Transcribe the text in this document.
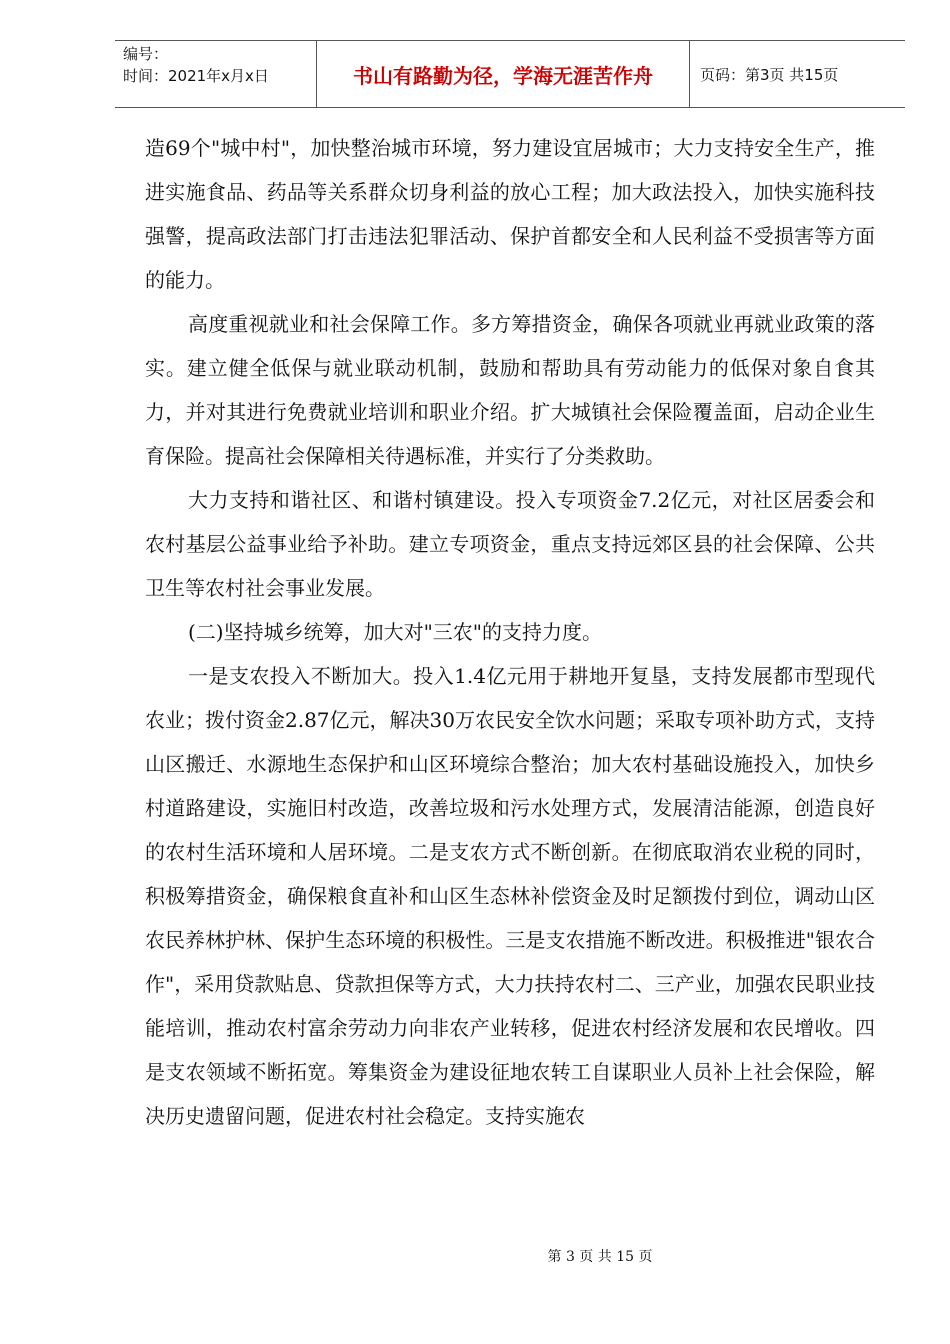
编号：
时间：2021年x月x日	书山有路勤为径，学海无涯苦作舟	页码：第3页 共15页

造69个"城中村"，加快整治城市环境，努力建设宜居城市；大力支持安全生产，推进实施食品、药品等关系群众切身利益的放心工程；加大政法投入，加快实施科技强警，提高政法部门打击违法犯罪活动、保护首都安全和人民利益不受损害等方面的能力。

高度重视就业和社会保障工作。多方筹措资金，确保各项就业再就业政策的落实。建立健全低保与就业联动机制，鼓励和帮助具有劳动能力的低保对象自食其力，并对其进行免费就业培训和职业介绍。扩大城镇社会保险覆盖面，启动企业生育保险。提高社会保障相关待遇标准，并实行了分类救助。

大力支持和谐社区、和谐村镇建设。投入专项资金7.2亿元，对社区居委会和农村基层公益事业给予补助。建立专项资金，重点支持远郊区县的社会保障、公共卫生等农村社会事业发展。

(二)坚持城乡统筹，加大对"三农"的支持力度。

一是支农投入不断加大。投入1.4亿元用于耕地开复垦，支持发展都市型现代农业；拨付资金2.87亿元，解决30万农民安全饮水问题；采取专项补助方式，支持山区搬迁、水源地生态保护和山区环境综合整治；加大农村基础设施投入，加快乡村道路建设，实施旧村改造，改善垃圾和污水处理方式，发展清洁能源，创造良好的农村生活环境和人居环境。二是支农方式不断创新。在彻底取消农业税的同时，积极筹措资金，确保粮食直补和山区生态林补偿资金及时足额拨付到位，调动山区农民养林护林、保护生态环境的积极性。三是支农措施不断改进。积极推进"银农合作"，采用贷款贴息、贷款担保等方式，大力扶持农村二、三产业，加强农民职业技能培训，推动农村富余劳动力向非农产业转移，促进农村经济发展和农民增收。四是支农领域不断拓宽。筹集资金为建设征地农转工自谋职业人员补上社会保险，解决历史遗留问题，促进农村社会稳定。支持实施农

第 3 页 共 15 页
